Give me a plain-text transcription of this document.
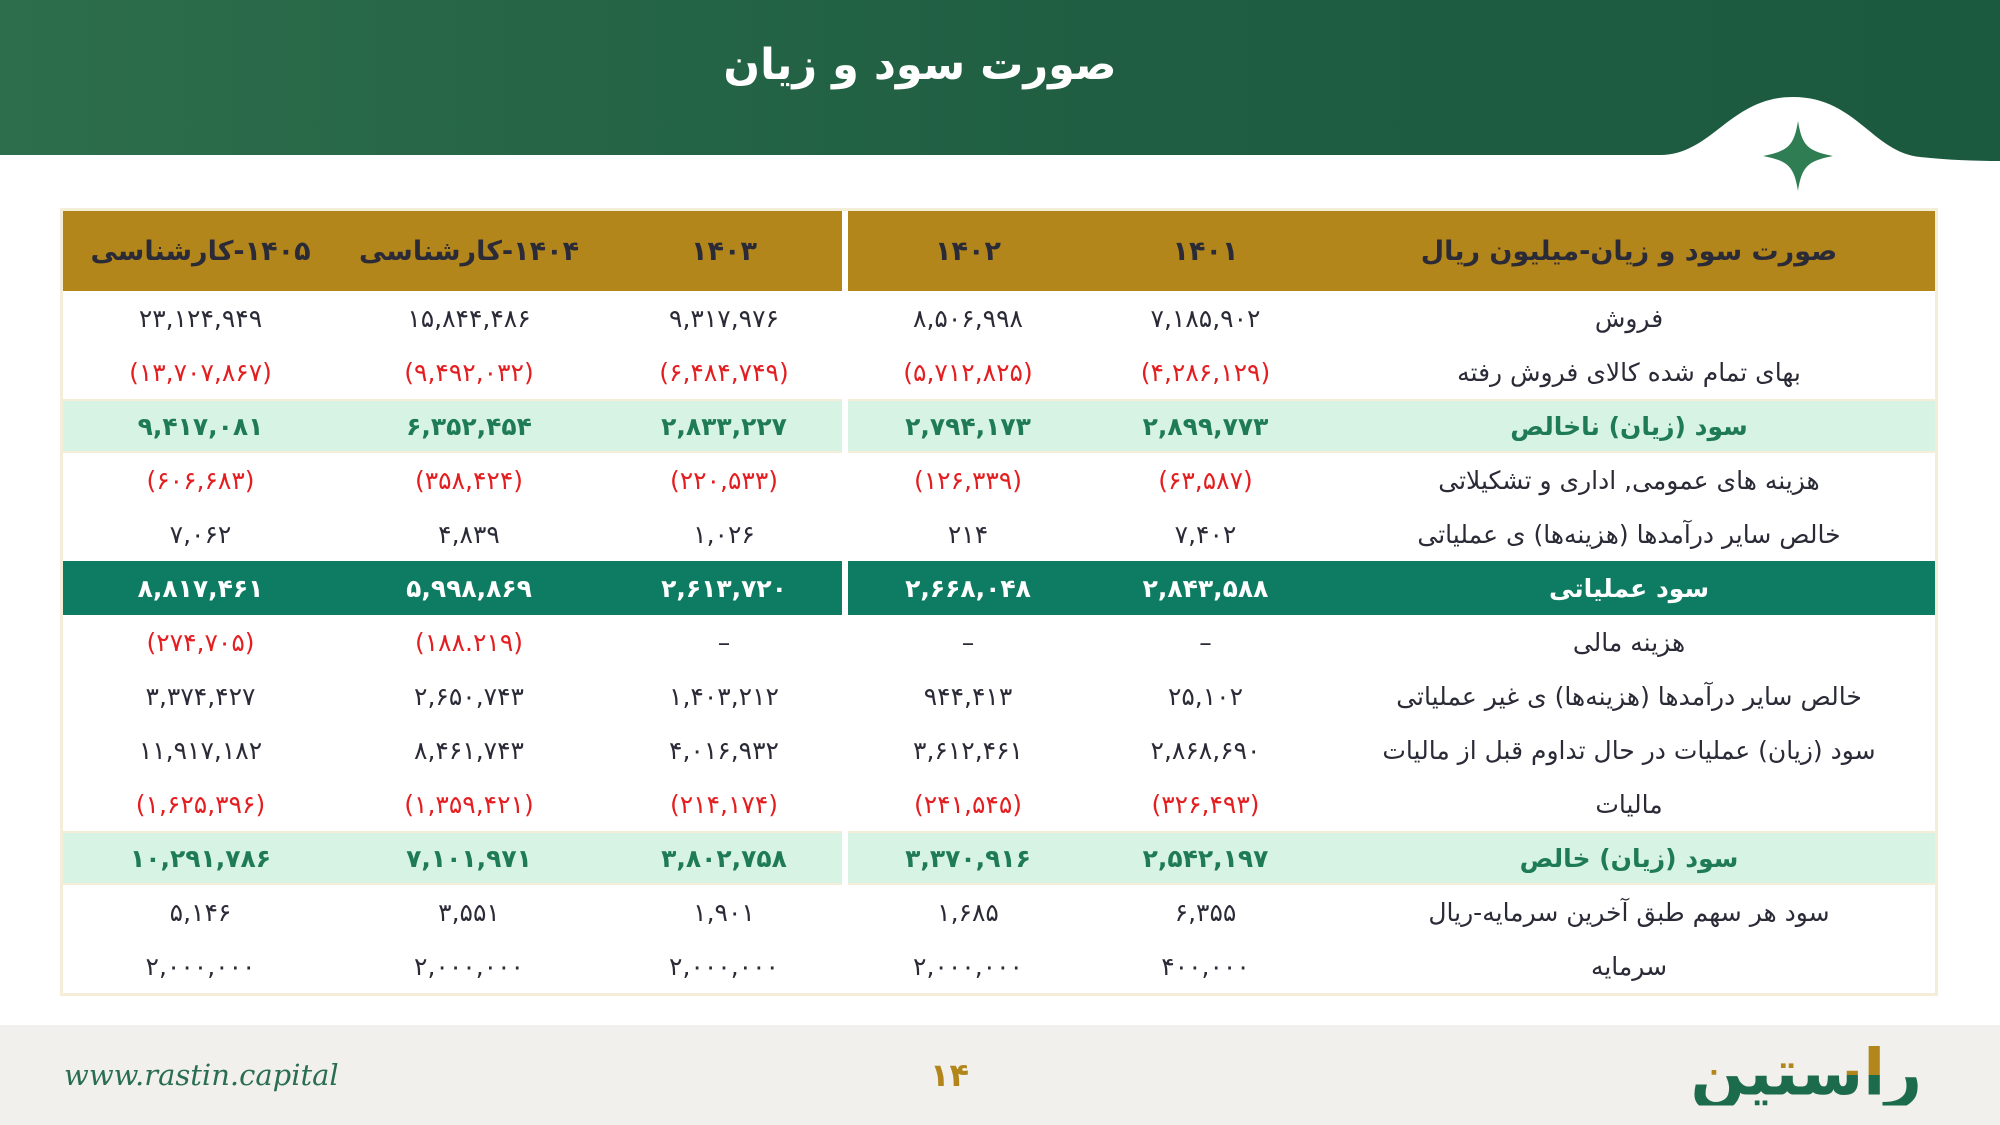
صورت سود و زیان
صورت سود و زیان-میلیون ریال
۱۴۰۱
۱۴۰۲
۱۴۰۳
۱۴۰۴-کارشناسی
۱۴۰۵-کارشناسی
فروش
۷,۱۸۵,۹۰۲
۸,۵۰۶,۹۹۸
۹,۳۱۷,۹۷۶
۱۵,۸۴۴,۴۸۶
۲۳,۱۲۴,۹۴۹
بهای تمام شده کالای فروش رفته
(۴,۲۸۶,۱۲۹)
(۵,۷۱۲,۸۲۵)
(۶,۴۸۴,۷۴۹)
(۹,۴۹۲,۰۳۲)
(۱۳,۷۰۷,۸۶۷)
سود (زیان) ناخالص
۲,۸۹۹,۷۷۳
۲,۷۹۴,۱۷۳
۲,۸۳۳,۲۲۷
۶,۳۵۲,۴۵۴
۹,۴۱۷,۰۸۱
هزینه های عمومی, اداری و تشکیلاتی
(۶۳,۵۸۷)
(۱۲۶,۳۳۹)
(۲۲۰,۵۳۳)
(۳۵۸,۴۲۴)
(۶۰۶,۶۸۳)
خالص سایر درآمدها (هزینه‌ها) ی عملیاتی
۷,۴۰۲
۲۱۴
۱,۰۲۶
۴,۸۳۹
۷,۰۶۲
سود عملیاتی
۲,۸۴۳,۵۸۸
۲,۶۶۸,۰۴۸
۲,۶۱۳,۷۲۰
۵,۹۹۸,۸۶۹
۸,۸۱۷,۴۶۱
هزینه مالی
–
–
–
(۱۸۸.۲۱۹)
(۲۷۴,۷۰۵)
خالص سایر درآمدها (هزینه‌ها) ی غیر عملیاتی
۲۵,۱۰۲
۹۴۴,۴۱۳
۱,۴۰۳,۲۱۲
۲,۶۵۰,۷۴۳
۳,۳۷۴,۴۲۷
سود (زیان) عملیات در حال تداوم قبل از مالیات
۲,۸۶۸,۶۹۰
۳,۶۱۲,۴۶۱
۴,۰۱۶,۹۳۲
۸,۴۶۱,۷۴۳
۱۱,۹۱۷,۱۸۲
مالیات
(۳۲۶,۴۹۳)
(۲۴۱,۵۴۵)
(۲۱۴,۱۷۴)
(۱,۳۵۹,۴۲۱)
(۱,۶۲۵,۳۹۶)
سود (زیان) خالص
۲,۵۴۲,۱۹۷
۳,۳۷۰,۹۱۶
۳,۸۰۲,۷۵۸
۷,۱۰۱,۹۷۱
۱۰,۲۹۱,۷۸۶
سود هر سهم طبق آخرین سرمایه-ریال
۶,۳۵۵
۱,۶۸۵
۱,۹۰۱
۳,۵۵۱
۵,۱۴۶
سرمایه
۴۰۰,۰۰۰
۲,۰۰۰,۰۰۰
۲,۰۰۰,۰۰۰
۲,۰۰۰,۰۰۰
۲,۰۰۰,۰۰۰
www.rastin.capital	۱۴	راستین
